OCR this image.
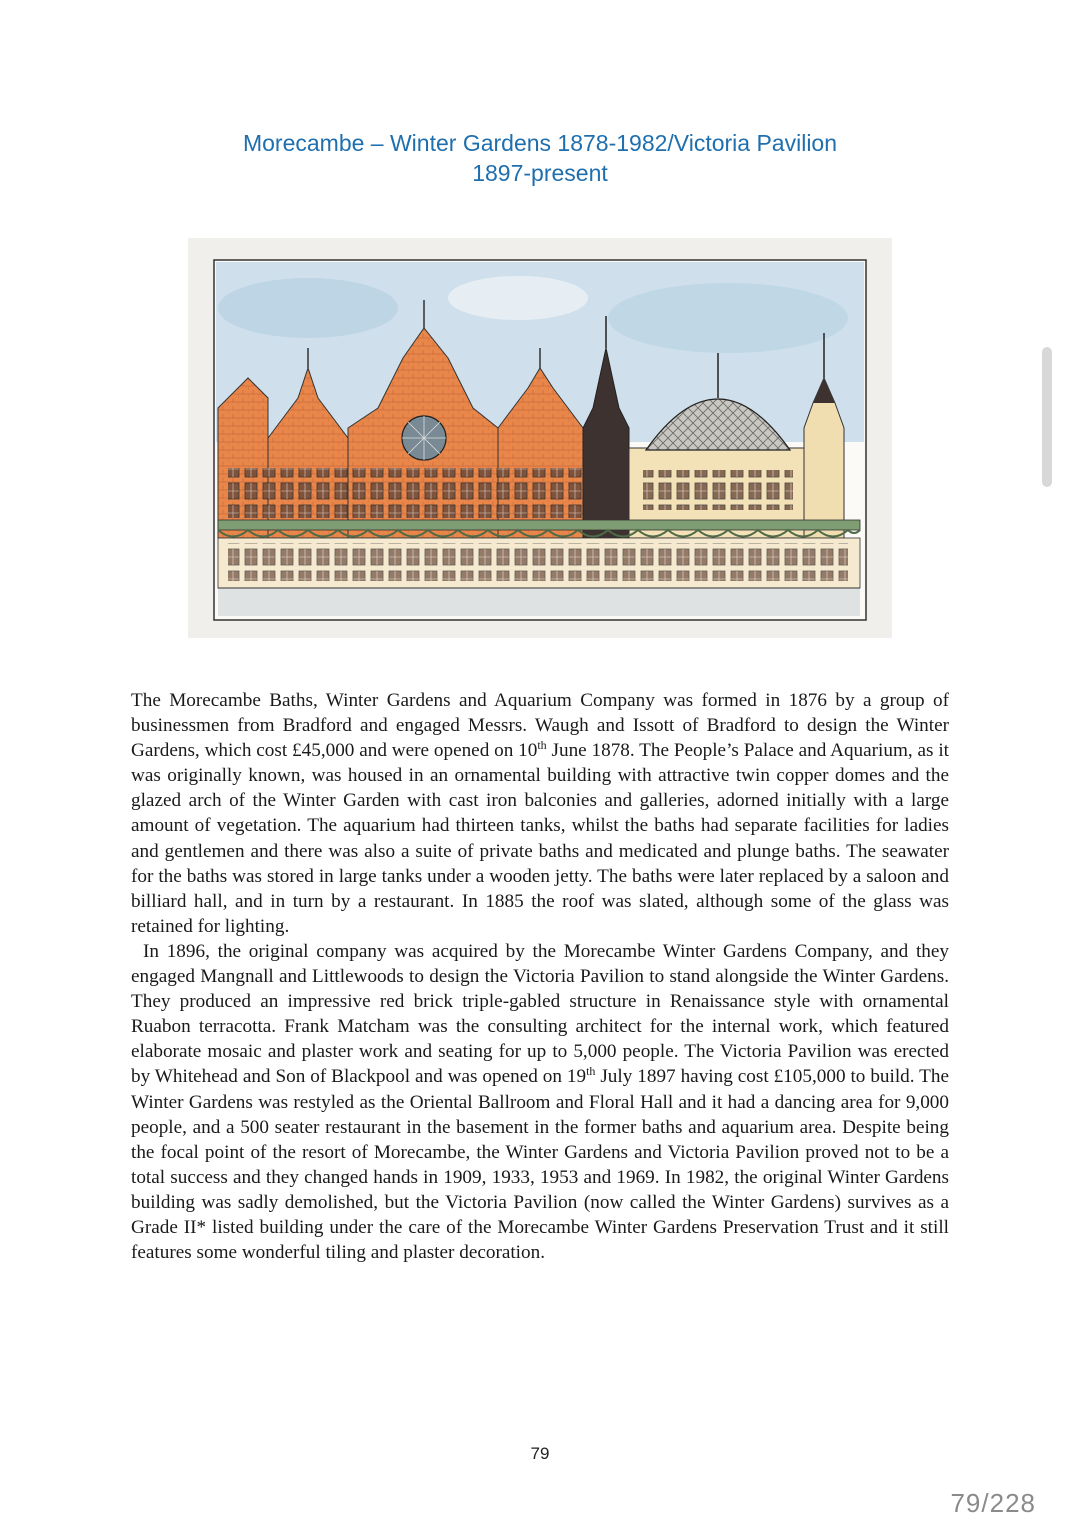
Morecambe – Winter Gardens 1878-1982/Victoria Pavilion
1897-present

The Morecambe Baths, Winter Gardens and Aquarium Company was formed in 1876 by a group of businessmen from Bradford and engaged Messrs. Waugh and Issott of Bradford to design the Winter Gardens, which cost £45,000 and were opened on 10th June 1878. The People’s Palace and Aquarium, as it was originally known, was housed in an ornamental building with attractive twin copper domes and the glazed arch of the Winter Garden with cast iron balconies and galleries, adorned initially with a large amount of vegetation. The aquarium had thirteen tanks, whilst the baths had separate facilities for ladies and gentlemen and there was also a suite of private baths and medicated and plunge baths. The seawater for the baths was stored in large tanks under a wooden jetty. The baths were later replaced by a saloon and billiard hall, and in turn by a restaurant. In 1885 the roof was slated, although some of the glass was retained for lighting.

In 1896, the original company was acquired by the Morecambe Winter Gardens Company, and they engaged Mangnall and Littlewoods to design the Victoria Pavilion to stand alongside the Winter Gardens. They produced an impressive red brick triple-gabled structure in Renaissance style with ornamental Ruabon terracotta. Frank Matcham was the consulting architect for the internal work, which featured elaborate mosaic and plaster work and seating for up to 5,000 people. The Victoria Pavilion was erected by Whitehead and Son of Blackpool and was opened on 19th July 1897 having cost £105,000 to build. The Winter Gardens was restyled as the Oriental Ballroom and Floral Hall and it had a dancing area for 9,000 people, and a 500 seater restaurant in the basement in the former baths and aquarium area. Despite being the focal point of the resort of Morecambe, the Winter Gardens and Victoria Pavilion proved not to be a total success and they changed hands in 1909, 1933, 1953 and 1969. In 1982, the original Winter Gardens building was sadly demolished, but the Victoria Pavilion (now called the Winter Gardens) survives as a Grade II* listed building under the care of the Morecambe Winter Gardens Preservation Trust and it still features some wonderful tiling and plaster decoration.

79
79/228
